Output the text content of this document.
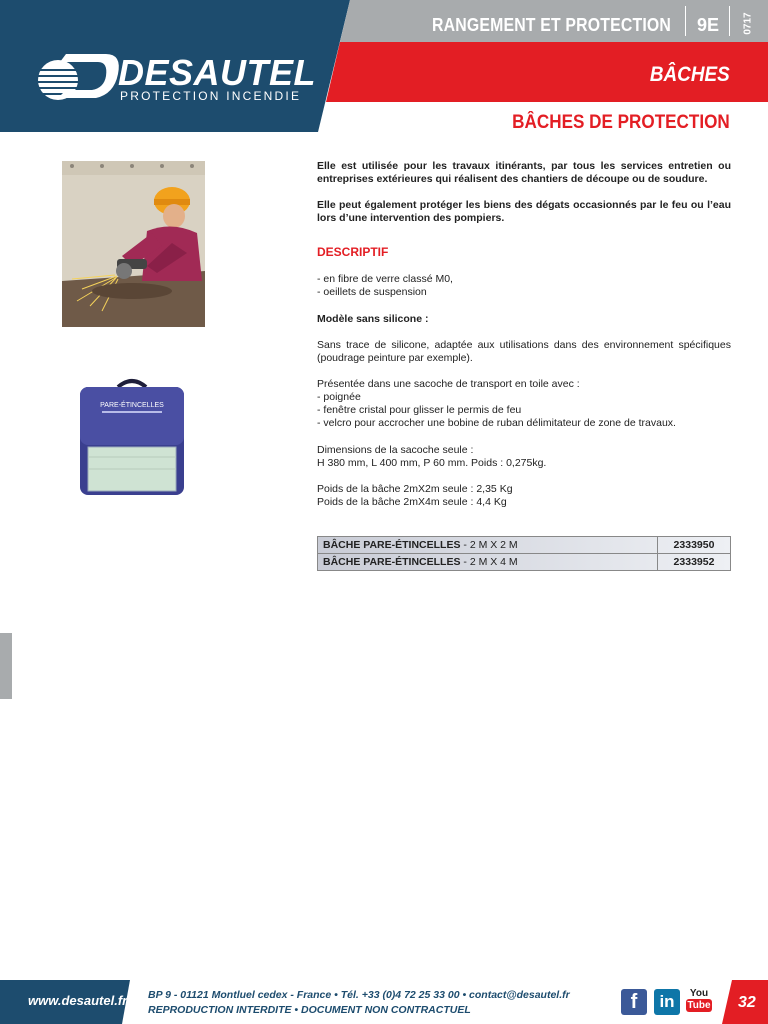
RANGEMENT ET PROTECTION 9E 0717
BÂCHES
DESAUTEL
PROTECTION INCENDIE
BÂCHES DE PROTECTION
PARE-ÉTINCELLES
Elle est utilisée pour les travaux itinérants, par tous les services entretien ou entreprises extérieures qui réalisent des chantiers de découpe ou de soudure.
Elle peut également protéger les biens des dégats occasionnés par le feu ou l’eau lors d’une intervention des pompiers.
DESCRIPTIF

- en fibre de verre classé M0,

- oeillets de suspension

Modèle sans silicone :
Sans trace de silicone, adaptée aux utilisations dans des environnement spécifiques (poudrage peinture par exemple).

Présentée dans une sacoche de transport en toile avec :

- poignée

- fenêtre cristal pour glisser le permis de feu

- velcro pour accrocher une bobine de ruban délimitateur de zone de travaux.

Dimensions de la sacoche seule :

H 380 mm, L 400 mm, P 60 mm. Poids : 0,275kg.

Poids de la bâche 2mX2m seule : 2,35 Kg

Poids de la bâche 2mX4m seule : 4,4 Kg

BÂCHE PARE-ÉTINCELLES - 2 M X 2 M	2333950
BÂCHE PARE-ÉTINCELLES - 2 M X 4 M	2333952
www.desautel.fr BP 9 - 01121 Montluel cedex - France • Tél. +33 (0)4 72 25 33 00 • contact@desautel.fr
REPRODUCTION INTERDITE • DOCUMENT NON CONTRACTUEL	f	in	You
Tube 32
